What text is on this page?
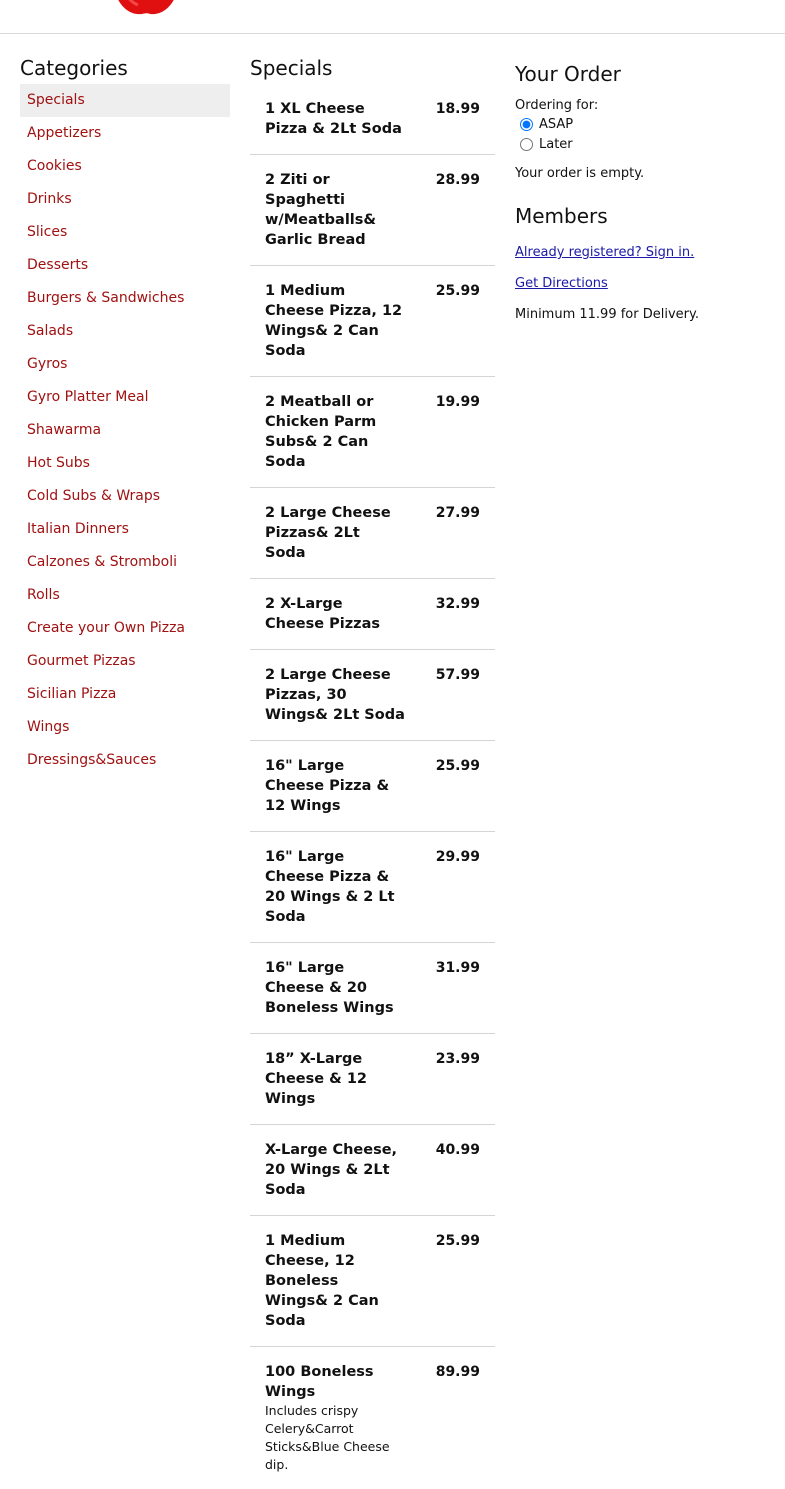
Categories
Specials
Appetizers
Cookies
Drinks
Slices
Desserts
Burgers & Sandwiches
Salads
Gyros
Gyro Platter Meal
Shawarma
Hot Subs
Cold Subs & Wraps
Italian Dinners
Calzones & Stromboli
Rolls
Create your Own Pizza
Gourmet Pizzas
Sicilian Pizza
Wings
Dressings&Sauces
Specials
1 XL Cheese Pizza & 2Lt Soda
18.99
2 Ziti or Spaghetti w/Meatballs& Garlic Bread
28.99
1 Medium Cheese Pizza, 12 Wings& 2 Can Soda
25.99
2 Meatball or Chicken Parm Subs& 2 Can Soda
19.99
2 Large Cheese Pizzas& 2Lt Soda
27.99
2 X-Large Cheese Pizzas
32.99
2 Large Cheese Pizzas, 30 Wings& 2Lt Soda
57.99
16" Large Cheese Pizza & 12 Wings
25.99
16" Large Cheese Pizza & 20 Wings & 2 Lt Soda
29.99
16" Large Cheese & 20 Boneless Wings
31.99
18” X-Large Cheese & 12 Wings
23.99
X-Large Cheese, 20 Wings & 2Lt Soda
40.99
1 Medium Cheese, 12 Boneless Wings& 2 Can Soda
25.99
100 Boneless Wings
Includes crispy Celery&Carrot Sticks&Blue Cheese dip.
89.99
Your Order
Ordering for:
ASAP
Later
Your order is empty.
Members
Already registered? Sign in.
Get Directions
Minimum 11.99 for Delivery.
